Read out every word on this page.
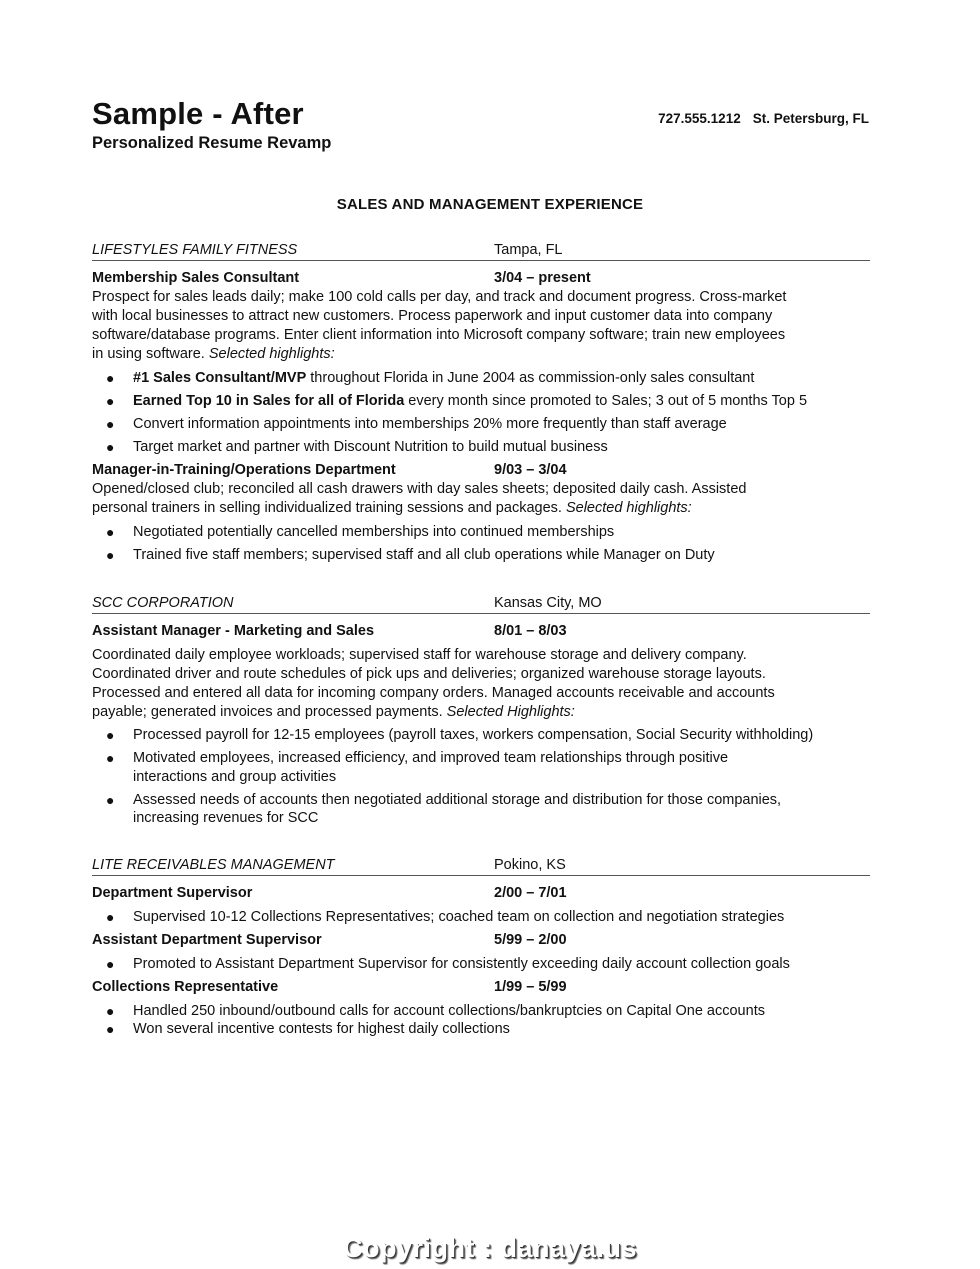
Sample - After
Personalized Resume Revamp
727.555.1212 St. Petersburg, FL
SALES AND MANAGEMENT EXPERIENCE
LIFESTYLES FAMILY FITNESS	Tampa, FL
Membership Sales Consultant	3/04 – present
Prospect for sales leads daily; make 100 cold calls per day, and track and document progress. Cross-market
with local businesses to attract new customers. Process paperwork and input customer data into company
software/database programs. Enter client information into Microsoft company software; train new employees
in using software. Selected highlights:
● #1 Sales Consultant/MVP throughout Florida in June 2004 as commission-only sales consultant
● Earned Top 10 in Sales for all of Florida every month since promoted to Sales; 3 out of 5 months Top 5
● Convert information appointments into memberships 20% more frequently than staff average
● Target market and partner with Discount Nutrition to build mutual business
Manager-in-Training/Operations Department	9/03 – 3/04
Opened/closed club; reconciled all cash drawers with day sales sheets; deposited daily cash. Assisted
personal trainers in selling individualized training sessions and packages. Selected highlights:
● Negotiated potentially cancelled memberships into continued memberships
● Trained five staff members; supervised staff and all club operations while Manager on Duty
SCC CORPORATION	Kansas City, MO
Assistant Manager - Marketing and Sales	8/01 – 8/03
Coordinated daily employee workloads; supervised staff for warehouse storage and delivery company.
Coordinated driver and route schedules of pick ups and deliveries; organized warehouse storage layouts.
Processed and entered all data for incoming company orders. Managed accounts receivable and accounts
payable; generated invoices and processed payments. Selected Highlights:
● Processed payroll for 12-15 employees (payroll taxes, workers compensation, Social Security withholding)
● Motivated employees, increased efficiency, and improved team relationships through positive
interactions and group activities
● Assessed needs of accounts then negotiated additional storage and distribution for those companies,
increasing revenues for SCC
LITE RECEIVABLES MANAGEMENT	Pokino, KS
Department Supervisor	2/00 – 7/01
● Supervised 10-12 Collections Representatives; coached team on collection and negotiation strategies
Assistant Department Supervisor	5/99 – 2/00
● Promoted to Assistant Department Supervisor for consistently exceeding daily account collection goals
Collections Representative	1/99 – 5/99
● Handled 250 inbound/outbound calls for account collections/bankruptcies on Capital One accounts
● Won several incentive contests for highest daily collections
Copyright : danaya.us
